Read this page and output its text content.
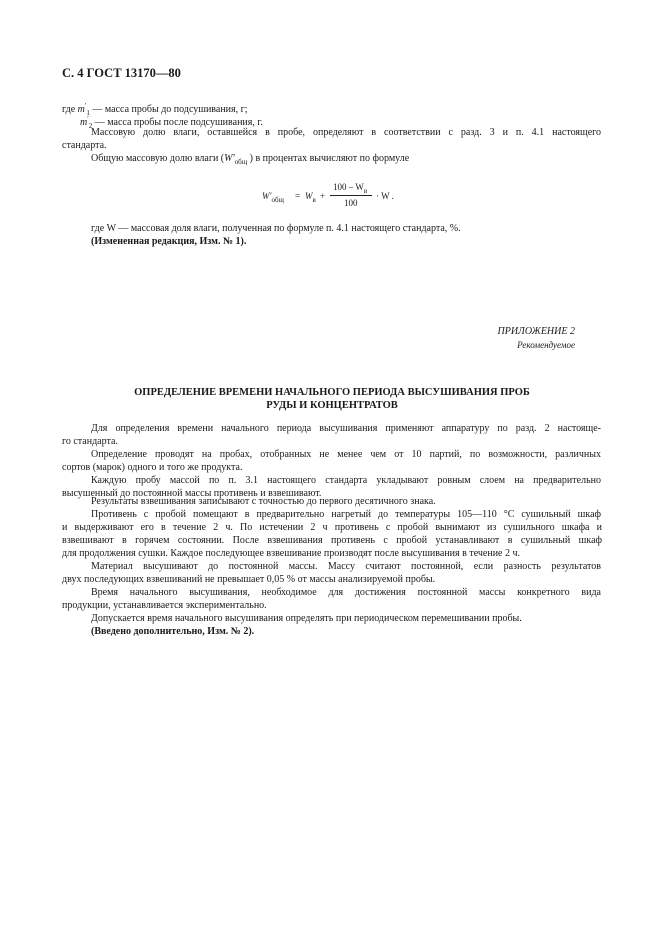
С. 4 ГОСТ 13170—80
где $m'_1$ — масса пробы до подсушивания, г;
$m'_2$ — масса пробы после подсушивания, г.
Массовую долю влаги, оставшейся в пробе, определяют в соответствии с разд. 3 и п. 4.1 настоящего
стандарта.
Общую массовую долю влаги ($W'_{общ}$ ) в процентах вычисляют по формуле
$W'_{общ} = W_в$ +
$100 - W_в$
100
· W .
где W — массовая доля влаги, полученная по формуле п. 4.1 настоящего стандарта, %.
(Измененная редакция, Изм. № 1).
ПРИЛОЖЕНИЕ 2
Рекомендуемое
ОПРЕДЕЛЕНИЕ ВРЕМЕНИ НАЧАЛЬНОГО ПЕРИОДА ВЫСУШИВАНИЯ ПРОБ
РУДЫ И КОНЦЕНТРАТОВ
Для определения времени начального периода высушивания применяют аппаратуру по разд. 2 настояще-
го стандарта.
Определение проводят на пробах, отобранных не менее чем от 10 партий, по возможности, различных
сортов (марок) одного и того же продукта.
Каждую пробу массой по п. 3.1 настоящего стандарта укладывают ровным слоем на предварительно
высушенный до постоянной массы противень и взвешивают.
Результаты взвешивания записывают с точностью до первого десятичного знака.
Противень с пробой помещают в предварительно нагретый до температуры 105—110 °С сушильный шкаф
и выдерживают его в течение 2 ч. По истечении 2 ч противень с пробой вынимают из сушильного шкафа и
взвешивают в горячем состоянии. После взвешивания противень с пробой устанавливают в сушильный шкаф
для продолжения сушки. Каждое последующее взвешивание производят после высушивания в течение 2 ч.
Материал высушивают до постоянной массы. Массу считают постоянной, если разность результатов
двух последующих взвешиваний не превышает 0,05 % от массы анализируемой пробы.
Время начального высушивания, необходимое для достижения постоянной массы конкретного вида
продукции, устанавливается экспериментально.
Допускается время начального высушивания определять при периодическом перемешивании пробы.
(Введено дополнительно, Изм. № 2).
